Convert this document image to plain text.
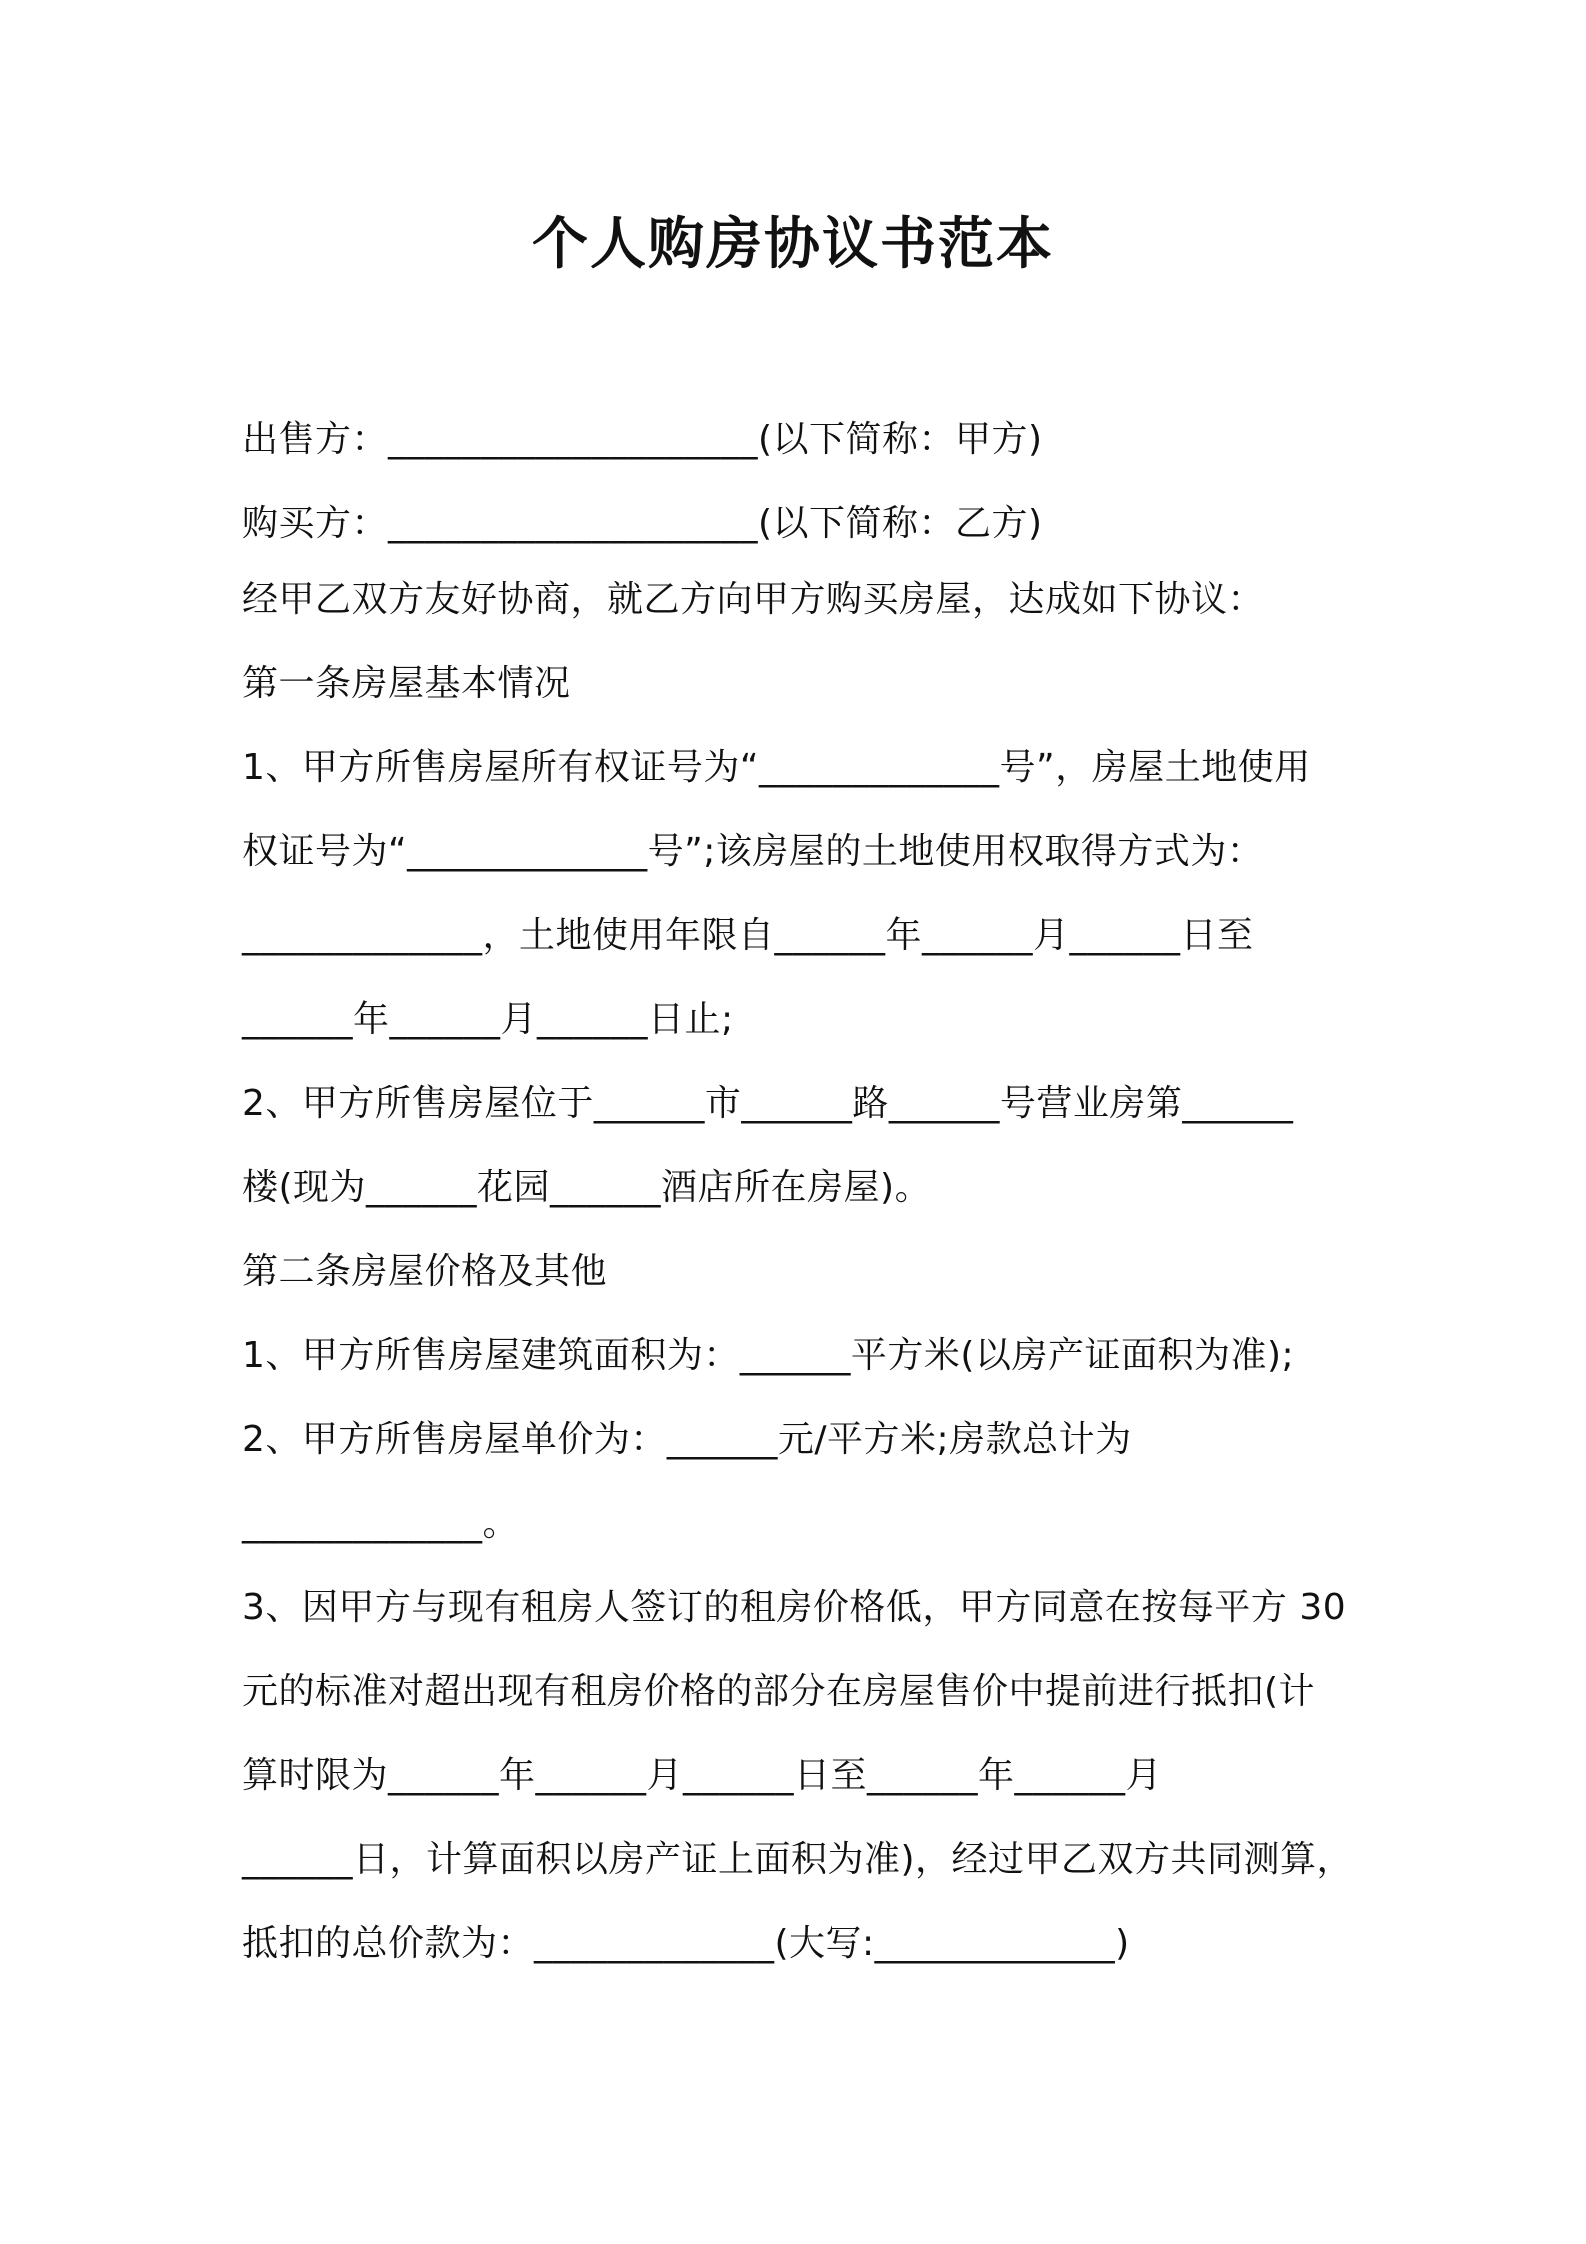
个人购房协议书范本
出售方：____________________(以下简称：甲方)
购买方：____________________(以下简称：乙方)
经甲乙双方友好协商，就乙方向甲方购买房屋，达成如下协议：
第一条房屋基本情况
1、甲方所售房屋所有权证号为“_____________号”，房屋土地使用
权证号为“_____________号”;该房屋的土地使用权取得方式为：
_____________，土地使用年限自______年______月______日至
______年______月______日止;
2、甲方所售房屋位于______市______路______号营业房第______
楼(现为______花园______酒店所在房屋)。
第二条房屋价格及其他
1、甲方所售房屋建筑面积为：______平方米(以房产证面积为准);
2、甲方所售房屋单价为：______元/平方米;房款总计为
_____________。
3、因甲方与现有租房人签订的租房价格低，甲方同意在按每平方 30
元的标准对超出现有租房价格的部分在房屋售价中提前进行抵扣(计
算时限为______年______月______日至______年______月
______日，计算面积以房产证上面积为准)，经过甲乙双方共同测算，
抵扣的总价款为：_____________(大写:_____________)
